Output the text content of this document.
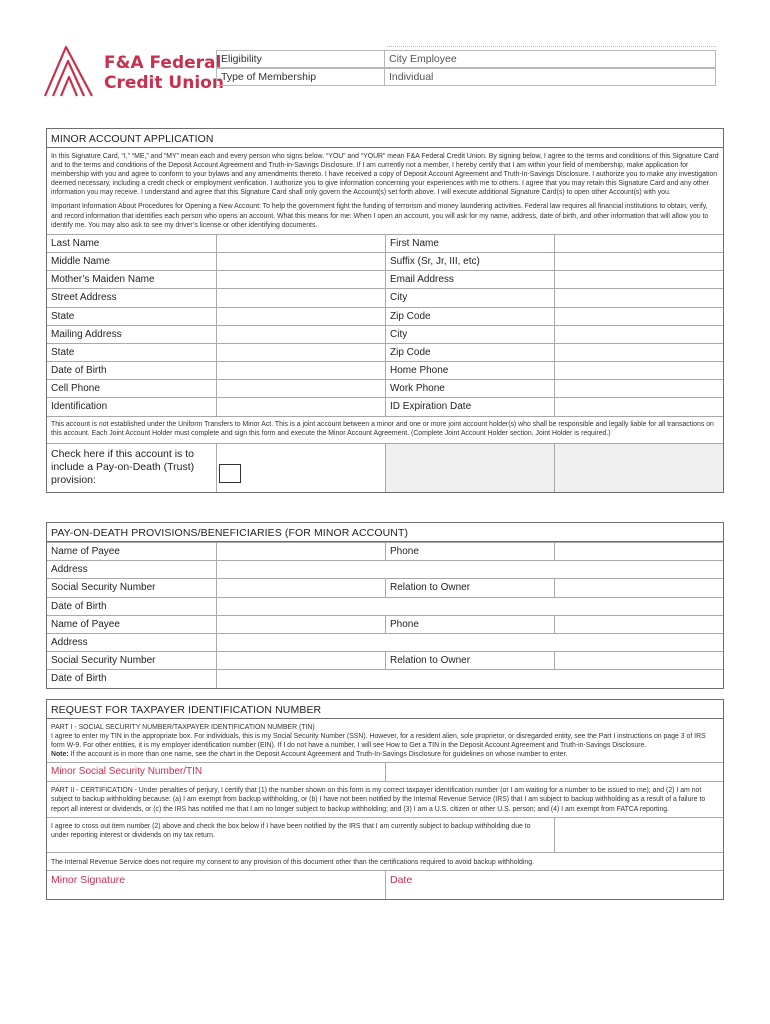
F&A Federal
Credit Union
Eligibility	City Employee
Type of Membership	Individual
MINOR ACCOUNT APPLICATION
In this Signature Card, “I,” “ME,” and “MY” mean each and every person who signs below. “YOU” and “YOUR” mean F&A Federal Credit Union. By signing below, I agree to the terms and conditions of this Signature Card and to the terms and conditions of the Deposit Account Agreement and Truth-in-Savings Disclosure. If I am currently not a member, I hereby certify that I am within your field of membership, make application for membership with you and agree to conform to your bylaws and any amendments thereto. I have received a copy of Deposit Account Agreement and Truth-In-Savings Disclosure. I authorize you to make any investigation deemed necessary, including a credit check or employment verification. I authorize you to give information concerning your experiences with me to others. I agree that you may retain this Signature Card and any other information you may receive. I understand and agree that this Signature Card shall only govern the Account(s) set forth above. I will execute additional Signature Card(s) to open other Account(s) with you.
Important Information About Procedures for Opening a New Account: To help the government fight the funding of terrorism and money laundering activities. Federal law requires all financial institutions to obtain, verify, and record information that identifies each person who opens an account. What this means for me: When I open an account, you will ask for my name, address, date of birth, and other information that will allow you to identify me. You may also ask to see my driver’s license or other identifying documents.
Last Name	First Name
Middle Name	Suffix (Sr, Jr, III, etc)
Mother’s Maiden Name	Email Address
Street Address	City
State	Zip Code
Mailing Address	City
State	Zip Code
Date of Birth	Home Phone
Cell Phone	Work Phone
Identification	ID Expiration Date
This account is not established under the Uniform Transfers to Minor Act. This is a joint account between a minor and one or more joint account holder(s) who shall be responsible and legally liable for all transactions on this account. Each Joint Account Holder must complete and sign this form and execute the Minor Account Agreement. (Complete Joint Account Holder section. Joint Holder is required.)
Check here if this account is to include a Pay-on-Death (Trust) provision:
PAY-ON-DEATH PROVISIONS/BENEFICIARIES (FOR MINOR ACCOUNT)
Name of Payee	Phone
Address
Social Security Number	Relation to Owner
Date of Birth
Name of Payee	Phone
Address
Social Security Number	Relation to Owner
Date of Birth
REQUEST FOR TAXPAYER IDENTIFICATION NUMBER
PART I - SOCIAL SECURITY NUMBER/TAXPAYER IDENTIFICATION NUMBER (TIN)
I agree to enter my TIN in the appropriate box. For individuals, this is my Social Security Number (SSN). However, for a resident alien, sole proprietor, or disregarded entity, see the Part I instructions on page 3 of IRS form W-9. For other entities, it is my employer identification number (EIN). If I do not have a number, I will see How to Get a TIN in the Deposit Account Agreement and Truth-in-Savings Disclosure.
Note: If the account is in more than one name, see the chart in the Deposit Account Agreement and Truth-In-Savings Disclosure for guidelines on whose number to enter.
Minor Social Security Number/TIN
PART II - CERTIFICATION - Under penalties of perjury, I certify that (1) the number shown on this form is my correct taxpayer identification number (or I am waiting for a number to be issued to me); and (2) I am not subject to backup withholding because: (a) I am exempt from backup withholding, or (b) I have not been notified by the Internal Revenue Service (IRS) that I am subject to backup withholding as a result of a failure to report all interest or dividends, or (c) the IRS has notified me that I am no longer subject to backup withholding; and (3) I am a U.S. citizen or other U.S. person; and (4) I am exempt from FATCA reporting.
I agree to cross out item number (2) above and check the box below if I have been notified by the IRS that I am currently subject to backup withholding due to under reporting interest or dividends on my tax return.
The Internal Revenue Service does not require my consent to any provision of this document other than the certifications required to avoid backup withholding.
Minor Signature	Date
